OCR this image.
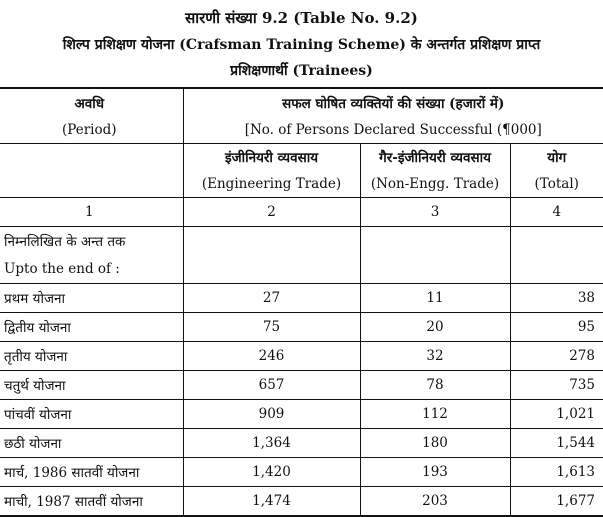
सारणी संख्या 9.2 (Table No. 9.2)
शिल्प प्रशिक्षण योजना (Crafsman Training Scheme) के अन्तर्गत प्रशिक्षण प्राप्त
प्रशिक्षणार्थी (Trainees)
अवधि	सफल घोषित व्यक्तियों की संख्या (हजारों में)		
(Period)	[No. of Persons Declared Successful (¶000]		
	इंजीनियरी व्यवसाय	गैर-इंजीनियरी व्यवसाय	योग
	(Engineering Trade)	(Non-Engg. Trade)	(Total)
1	2	3	4
निम्नलिखित के अन्त तक			
Upto the end of :			
प्रथम योजना	27	11	38
द्वितीय योजना	75	20	95
तृतीय योजना	246	32	278
चतुर्थ योजना	657	78	735
पांचवीं योजना	909	112	1,021
छठी योजना	1,364	180	1,544
मार्च, 1986 सातवीं योजना	1,420	193	1,613
माची, 1987 सातवीं योजना	1,474	203	1,677
